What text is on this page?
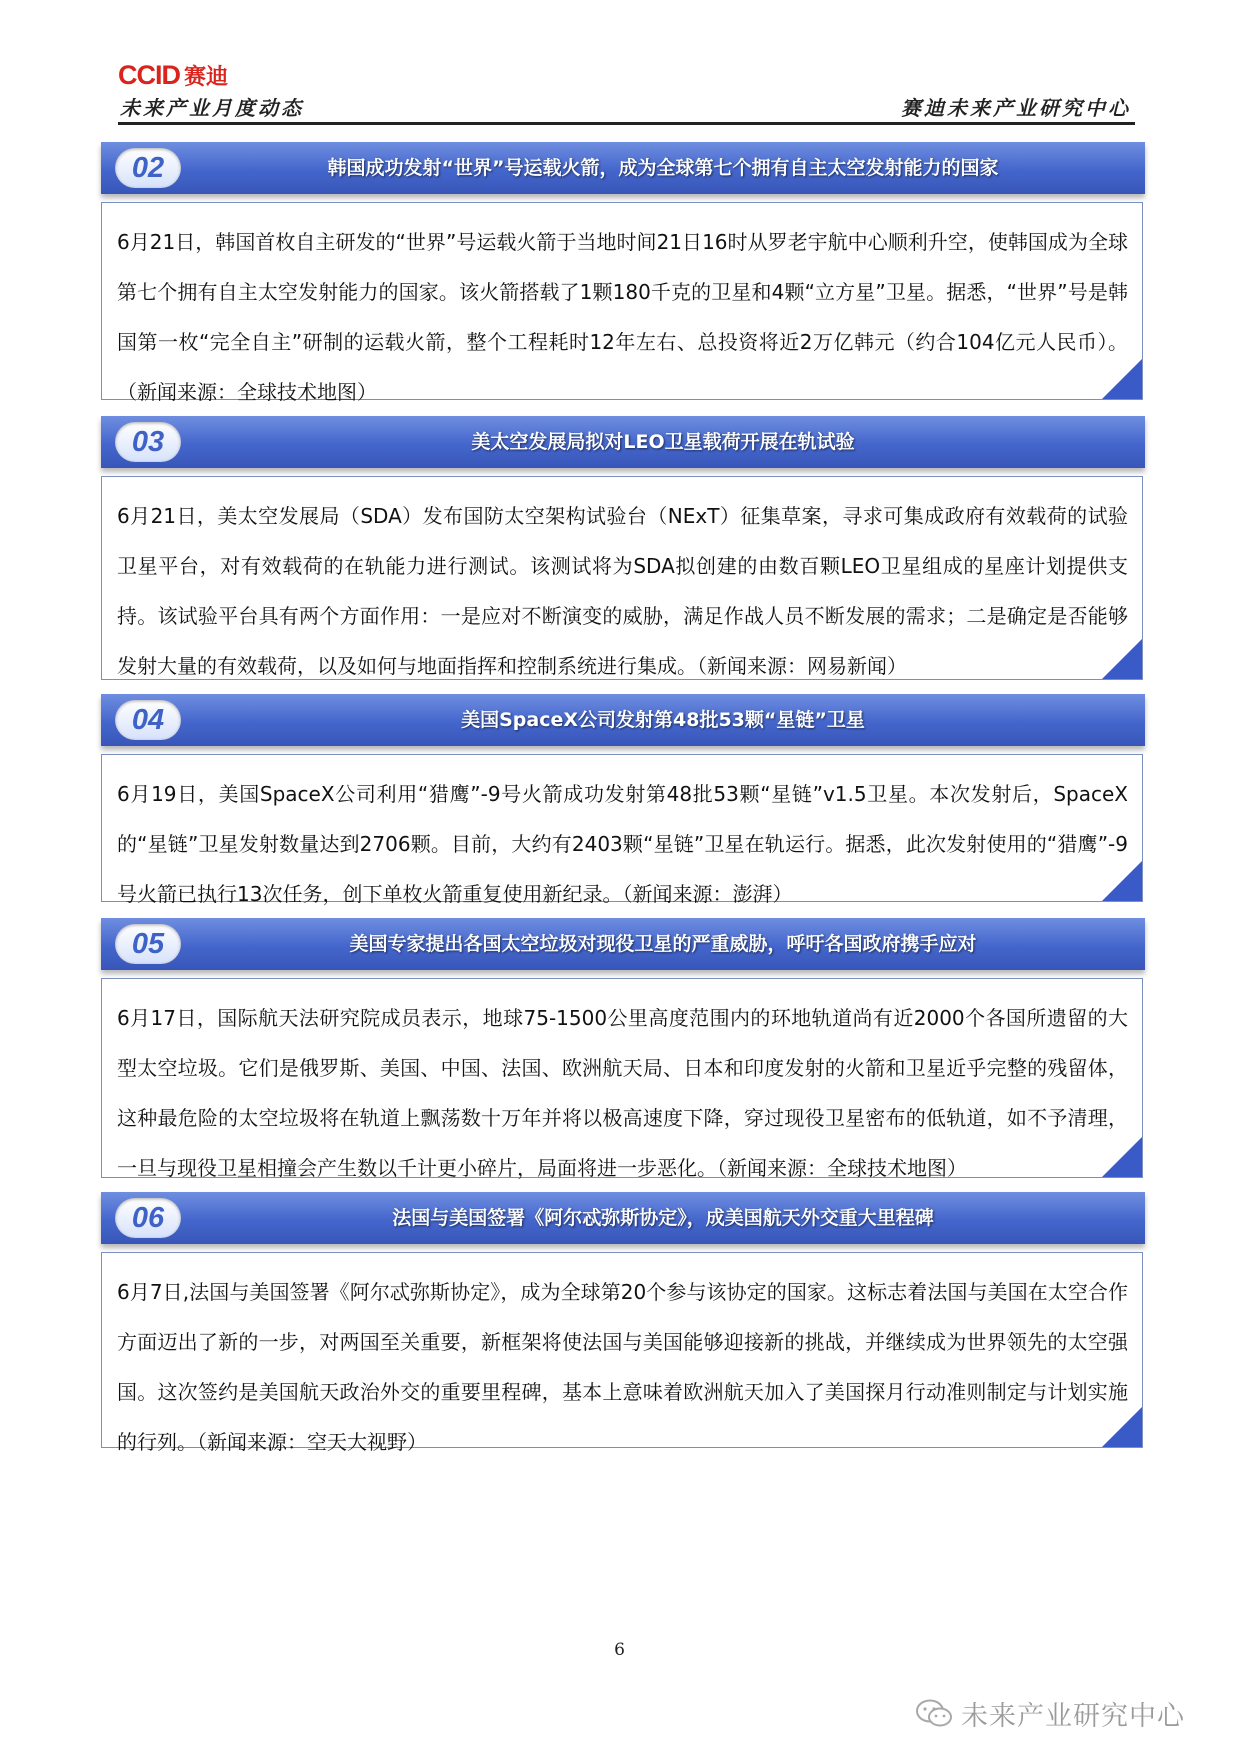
CCID 赛迪
未来产业月度动态	赛迪未来产业研究中心
02	韩国成功发射“世界”号运载火箭，成为全球第七个拥有自主太空发射能力的国家
6月21日，韩国首枚自主研发的“世界”号运载火箭于当地时间21日16时从罗老宇航中心顺利升空，使韩国成为全球第七个拥有自主太空发射能力的国家。该火箭搭载了1颗180千克的卫星和4颗“立方星”卫星。据悉，“世界”号是韩国第一枚“完全自主”研制的运载火箭，整个工程耗时12年左右、总投资将近2万亿韩元（约合104亿元人民币）。（新闻来源：全球技术地图）
03	美太空发展局拟对LEO卫星载荷开展在轨试验
6月21日，美太空发展局（SDA）发布国防太空架构试验台（NExT）征集草案，寻求可集成政府有效载荷的试验卫星平台，对有效载荷的在轨能力进行测试。该测试将为SDA拟创建的由数百颗LEO卫星组成的星座计划提供支持。该试验平台具有两个方面作用：一是应对不断演变的威胁，满足作战人员不断发展的需求；二是确定是否能够发射大量的有效载荷，以及如何与地面指挥和控制系统进行集成。（新闻来源：网易新闻）
04	美国SpaceX公司发射第48批53颗“星链”卫星
6月19日，美国SpaceX公司利用“猎鹰”-9号火箭成功发射第48批53颗“星链”v1.5卫星。本次发射后，SpaceX的“星链”卫星发射数量达到2706颗。目前，大约有2403颗“星链”卫星在轨运行。据悉，此次发射使用的“猎鹰”-9号火箭已执行13次任务，创下单枚火箭重复使用新纪录。（新闻来源：澎湃）
05	美国专家提出各国太空垃圾对现役卫星的严重威胁，呼吁各国政府携手应对
6月17日，国际航天法研究院成员表示，地球75-1500公里高度范围内的环地轨道尚有近2000个各国所遗留的大型太空垃圾。它们是俄罗斯、美国、中国、法国、欧洲航天局、日本和印度发射的火箭和卫星近乎完整的残留体，这种最危险的太空垃圾将在轨道上飘荡数十万年并将以极高速度下降，穿过现役卫星密布的低轨道，如不予清理，一旦与现役卫星相撞会产生数以千计更小碎片，局面将进一步恶化。（新闻来源：全球技术地图）
06	法国与美国签署《阿尔忒弥斯协定》，成美国航天外交重大里程碑
6月7日,法国与美国签署《阿尔忒弥斯协定》，成为全球第20个参与该协定的国家。这标志着法国与美国在太空合作方面迈出了新的一步，对两国至关重要，新框架将使法国与美国能够迎接新的挑战，并继续成为世界领先的太空强国。这次签约是美国航天政治外交的重要里程碑，基本上意味着欧洲航天加入了美国探月行动准则制定与计划实施的行列。（新闻来源：空天大视野）
6
未来产业研究中心
